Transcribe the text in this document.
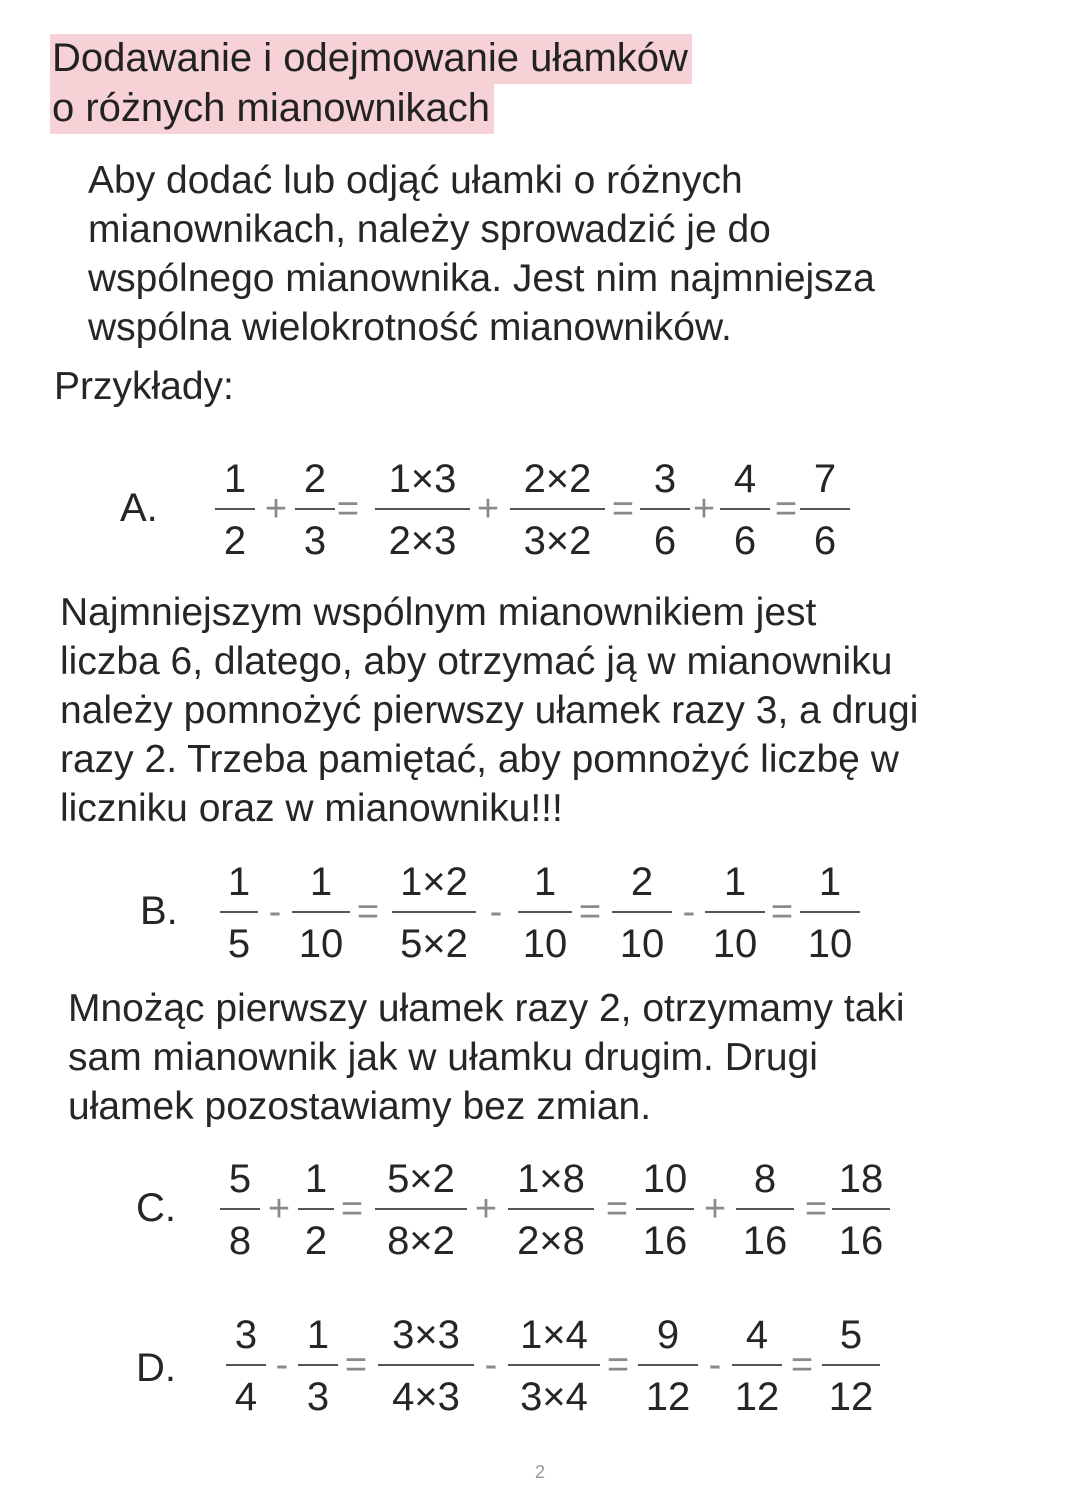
Dodawanie i odejmowanie ułamków
o różnych mianownikach

Aby dodać lub odjąć ułamki o różnych
mianownikach, należy sprowadzić je do
wspólnego mianownika. Jest nim najmniejsza
wspólna wielokrotność mianowników.

Przykłady:
A.
1
2
+
2
3
=
1×3
2×3
+
2×2
3×2
=
3
6
+
4
6
=
7
6

Najmniejszym wspólnym mianownikiem jest
liczba 6, dlatego, aby otrzymać ją w mianowniku
należy pomnożyć pierwszy ułamek razy 3, a drugi
razy 2. Trzeba pamiętać, aby pomnożyć liczbę w
liczniku oraz w mianowniku!!!

B.
1
5
-
1
10
=
1×2
5×2
-
1
10
=
2
10
-
1
10
=
1
10

Mnożąc pierwszy ułamek razy 2, otrzymamy taki
sam mianownik jak w ułamku drugim. Drugi
ułamek pozostawiamy bez zmian.

C.
5
8
+
1
2
=
5×2
8×2
+
1×8
2×8
=
10
16
+
8
16
=
18
16
D.
3
4
-
1
3
=
3×3
4×3
-
1×4
3×4
=
9
12
-
4
12
=
5
12
2
